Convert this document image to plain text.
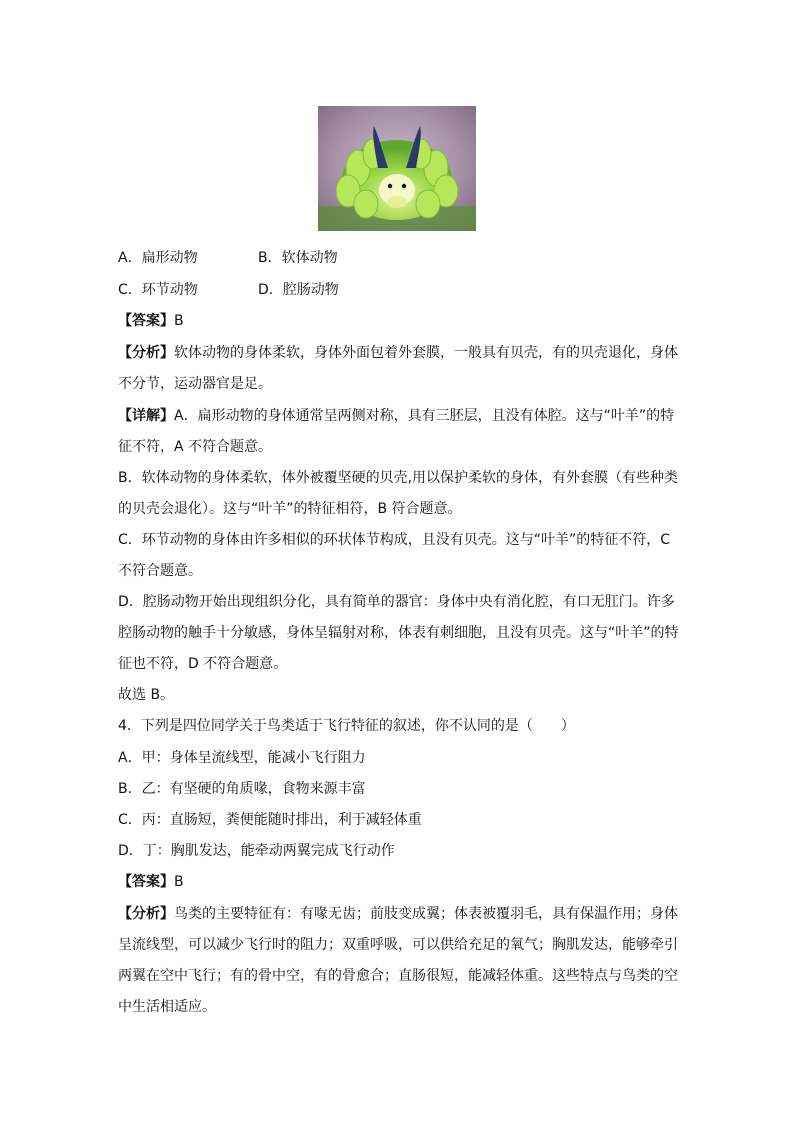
A．扁形动物	B．软体动物
C．环节动物	D．腔肠动物
【答案】B
【分析】软体动物的身体柔软，身体外面包着外套膜，一般具有贝壳，有的贝壳退化，身体
不分节，运动器官是足。
【详解】A．扁形动物的身体通常呈两侧对称，具有三胚层，且没有体腔。这与“叶羊”的特
征不符，A 不符合题意。
B．软体动物的身体柔软，体外被覆坚硬的贝壳,用以保护柔软的身体，有外套膜（有些种类
的贝壳会退化）。这与“叶羊”的特征相符，B 符合题意。
C．环节动物的身体由许多相似的环状体节构成，且没有贝壳。这与“叶羊”的特征不符，C
不符合题意。
D．腔肠动物开始出现组织分化，具有简单的器官：身体中央有消化腔，有口无肛门。许多
腔肠动物的触手十分敏感，身体呈辐射对称，体表有刺细胞，且没有贝壳。这与“叶羊”的特
征也不符，D 不符合题意。
故选 B。
4．下列是四位同学关于鸟类适于飞行特征的叙述，你不认同的是（　　）
A．甲：身体呈流线型，能减小飞行阻力
B．乙：有坚硬的角质喙，食物来源丰富
C．丙：直肠短，粪便能随时排出，利于减轻体重
D．丁：胸肌发达，能牵动两翼完成飞行动作
【答案】B
【分析】鸟类的主要特征有：有喙无齿；前肢变成翼；体表被覆羽毛，具有保温作用；身体
呈流线型，可以减少飞行时的阻力；双重呼吸，可以供给充足的氧气；胸肌发达，能够牵引
两翼在空中飞行；有的骨中空，有的骨愈合；直肠很短，能减轻体重。这些特点与鸟类的空
中生活相适应。
